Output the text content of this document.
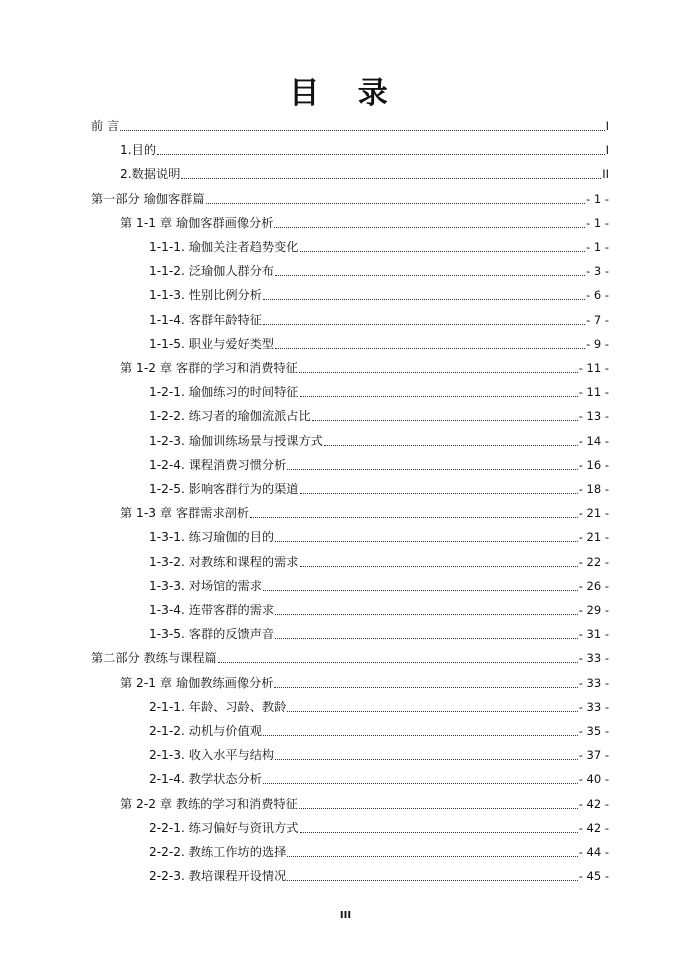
目 录
前 言	I
1.目的	I
2.数据说明	II
第一部分 瑜伽客群篇	- 1 -
第 1-1 章 瑜伽客群画像分析	- 1 -
1-1-1. 瑜伽关注者趋势变化	- 1 -
1-1-2. 泛瑜伽人群分布	- 3 -
1-1-3. 性别比例分析	- 6 -
1-1-4. 客群年龄特征	- 7 -
1-1-5. 职业与爱好类型	- 9 -
第 1-2 章 客群的学习和消费特征	- 11 -
1-2-1. 瑜伽练习的时间特征	- 11 -
1-2-2. 练习者的瑜伽流派占比	- 13 -
1-2-3. 瑜伽训练场景与授课方式	- 14 -
1-2-4. 课程消费习惯分析	- 16 -
1-2-5. 影响客群行为的渠道	- 18 -
第 1-3 章 客群需求剖析	- 21 -
1-3-1. 练习瑜伽的目的	- 21 -
1-3-2. 对教练和课程的需求	- 22 -
1-3-3. 对场馆的需求	- 26 -
1-3-4. 连带客群的需求	- 29 -
1-3-5. 客群的反馈声音	- 31 -
第二部分 教练与课程篇	- 33 -
第 2-1 章 瑜伽教练画像分析	- 33 -
2-1-1. 年龄、习龄、教龄	- 33 -
2-1-2. 动机与价值观	- 35 -
2-1-3. 收入水平与结构	- 37 -
2-1-4. 教学状态分析	- 40 -
第 2-2 章 教练的学习和消费特征	- 42 -
2-2-1. 练习偏好与资讯方式	- 42 -
2-2-2. 教练工作坊的选择	- 44 -
2-2-3. 教培课程开设情况	- 45 -
III
